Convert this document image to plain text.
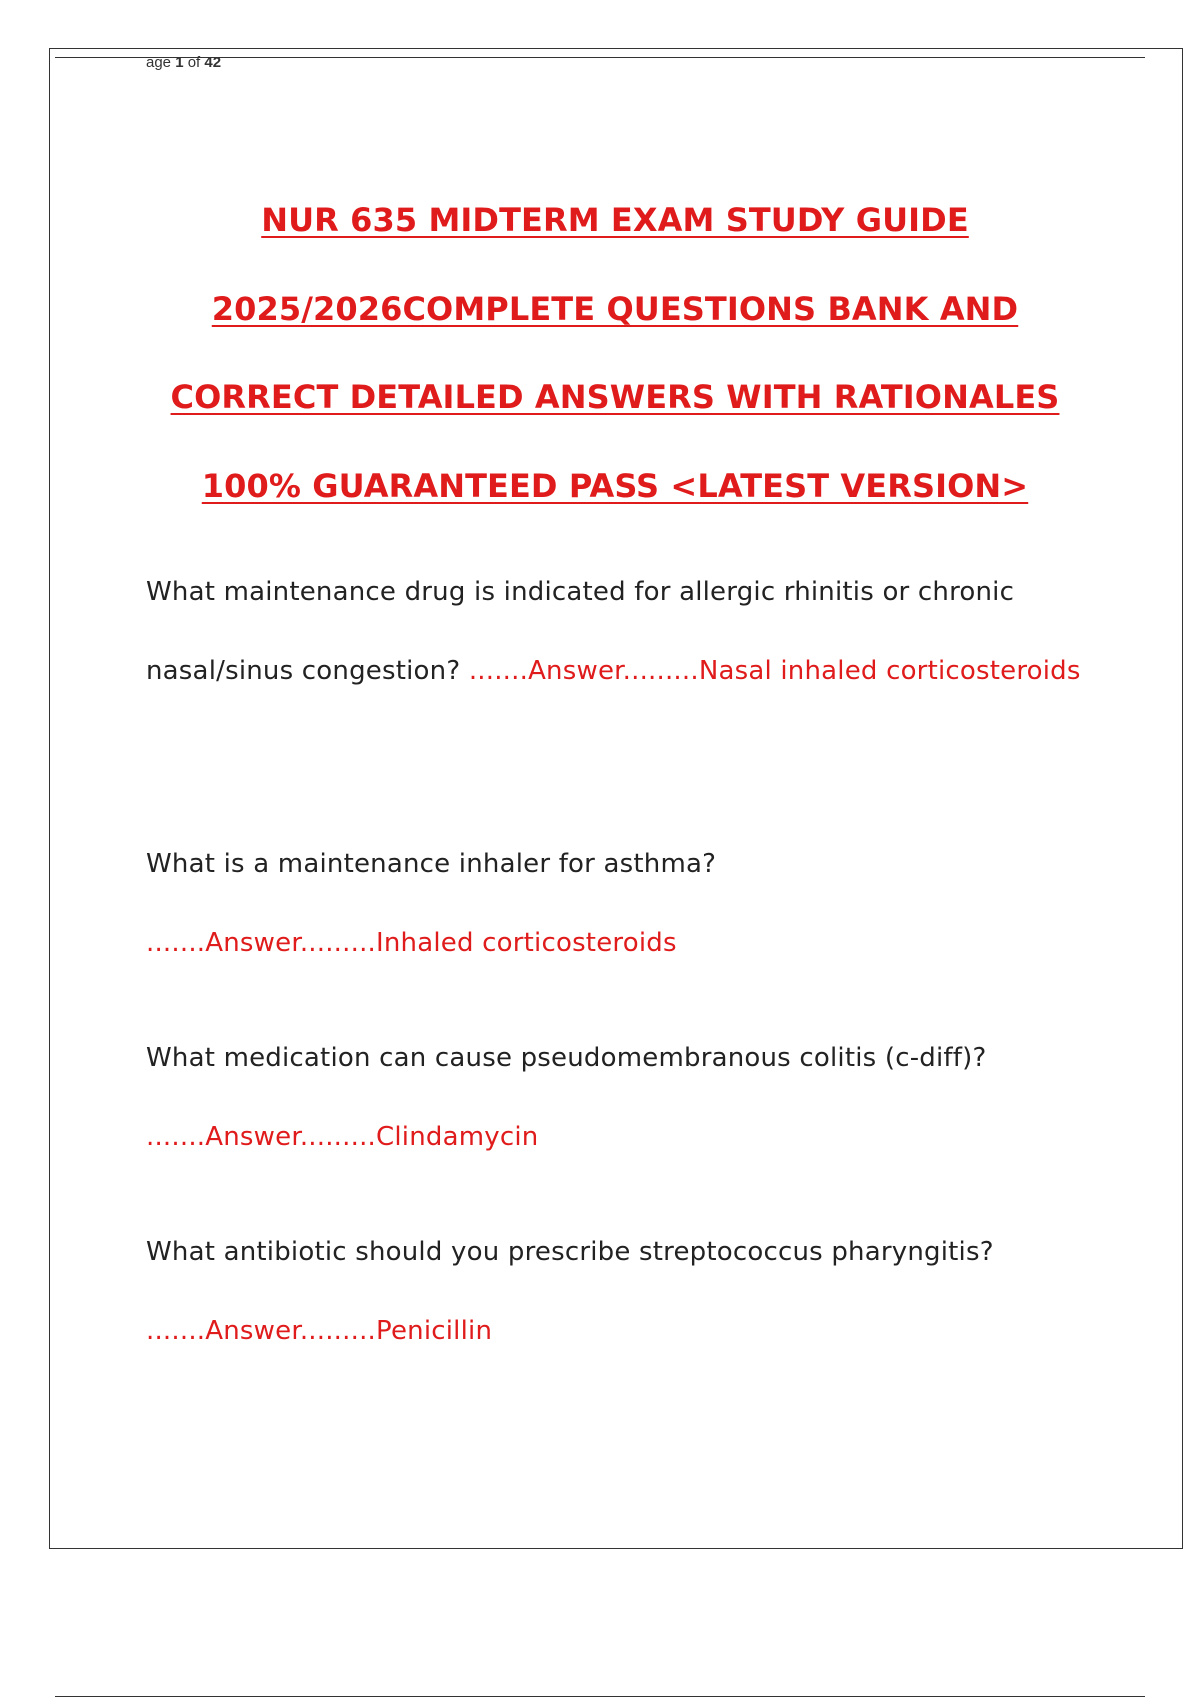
age 1 of 42
NUR 635 MIDTERM EXAM STUDY GUIDE
2025/2026COMPLETE QUESTIONS BANK AND
CORRECT DETAILED ANSWERS WITH RATIONALES
100% GUARANTEED PASS <LATEST VERSION>
What maintenance drug is indicated for allergic rhinitis or chronic nasal/sinus congestion? .......Answer.........Nasal inhaled corticosteroids
What is a maintenance inhaler for asthma?
.......Answer.........Inhaled corticosteroids
What medication can cause pseudomembranous colitis (c-diff)?
.......Answer.........Clindamycin
What antibiotic should you prescribe streptococcus pharyngitis?
.......Answer.........Penicillin
